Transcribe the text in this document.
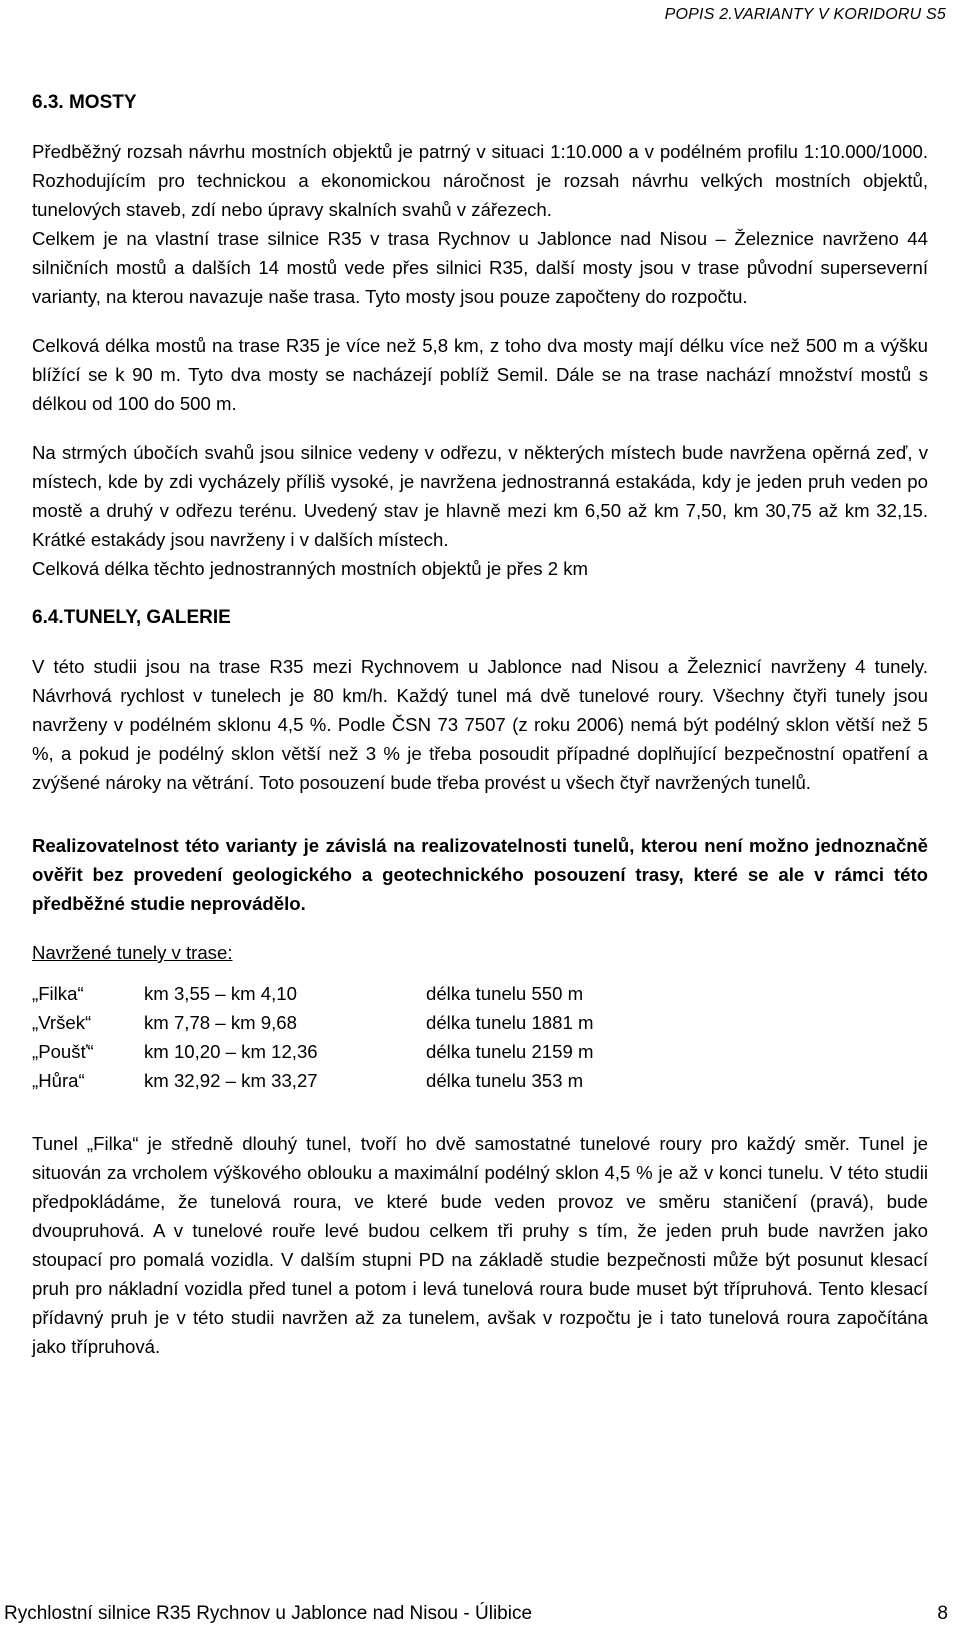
POPIS 2.VARIANTY V KORIDORU S5
6.3. MOSTY

Předběžný rozsah návrhu mostních objektů je patrný v situaci 1:10.000 a v podélném profilu 1:10.000/1000. Rozhodujícím pro technickou a ekonomickou náročnost je rozsah návrhu velkých mostních objektů, tunelových staveb, zdí nebo úpravy skalních svahů v zářezech.

Celkem je na vlastní trase silnice R35 v trasa Rychnov u Jablonce nad Nisou – Železnice navrženo 44 silničních mostů a dalších 14 mostů vede přes silnici R35, další mosty jsou v trase původní superseverní varianty, na kterou navazuje naše trasa. Tyto mosty jsou pouze započteny do rozpočtu.

Celková délka mostů na trase R35 je více než 5,8 km, z toho dva mosty mají délku více než 500 m a výšku blížící se k 90 m. Tyto dva mosty se nacházejí poblíž Semil. Dále se na trase nachází množství mostů s délkou od 100 do 500 m.

Na strmých úbočích svahů jsou silnice vedeny v odřezu, v některých místech bude navržena opěrná zeď, v místech, kde by zdi vycházely příliš vysoké, je navržena jednostranná estakáda, kdy je jeden pruh veden po mostě a druhý v odřezu terénu. Uvedený stav je hlavně mezi km 6,50 až km 7,50, km 30,75 až km 32,15. Krátké estakády jsou navrženy i v dalších místech.

Celková délka těchto jednostranných mostních objektů je přes 2 km

6.4.TUNELY, GALERIE

V této studii jsou na trase R35 mezi Rychnovem u Jablonce nad Nisou a Železnicí navrženy 4 tunely. Návrhová rychlost v tunelech je 80 km/h. Každý tunel má dvě tunelové roury. Všechny čtyři tunely jsou navrženy v podélném sklonu 4,5 %. Podle ČSN 73 7507 (z roku 2006) nemá být podélný sklon větší než 5 %, a pokud je podélný sklon větší než 3 % je třeba posoudit případné doplňující bezpečnostní opatření a zvýšené nároky na větrání. Toto posouzení bude třeba provést u všech čtyř navržených tunelů.

Realizovatelnost této varianty je závislá na realizovatelnosti tunelů, kterou není možno jednoznačně ověřit bez provedení geologického a geotechnického posouzení trasy, které se ale v rámci této předběžné studie neprovádělo.

Navržené tunely v trase:

„Filka“	km 3,55 – km 4,10	délka tunelu 550 m
„Vršek“	km 7,78 – km 9,68	délka tunelu 1881 m
„Poušť“	km 10,20 – km 12,36	délka tunelu 2159 m
„Hůra“	km 32,92 – km 33,27	délka tunelu 353 m

Tunel „Filka“ je středně dlouhý tunel, tvoří ho dvě samostatné tunelové roury pro každý směr. Tunel je situován za vrcholem výškového oblouku a maximální podélný sklon 4,5 % je až v konci tunelu. V této studii předpokládáme, že tunelová roura, ve které bude veden provoz ve směru staničení (pravá), bude dvoupruhová. A v tunelové rouře levé budou celkem tři pruhy s tím, že jeden pruh bude navržen jako stoupací pro pomalá vozidla. V dalším stupni PD na základě studie bezpečnosti může být posunut klesací pruh pro nákladní vozidla před tunel a potom i levá tunelová roura bude muset být třípruhová. Tento klesací přídavný pruh je v této studii navržen až za tunelem, avšak v rozpočtu je i tato tunelová roura započítána jako třípruhová.

Rychlostní silnice R35 Rychnov u Jablonce nad Nisou - Úlibice	8
